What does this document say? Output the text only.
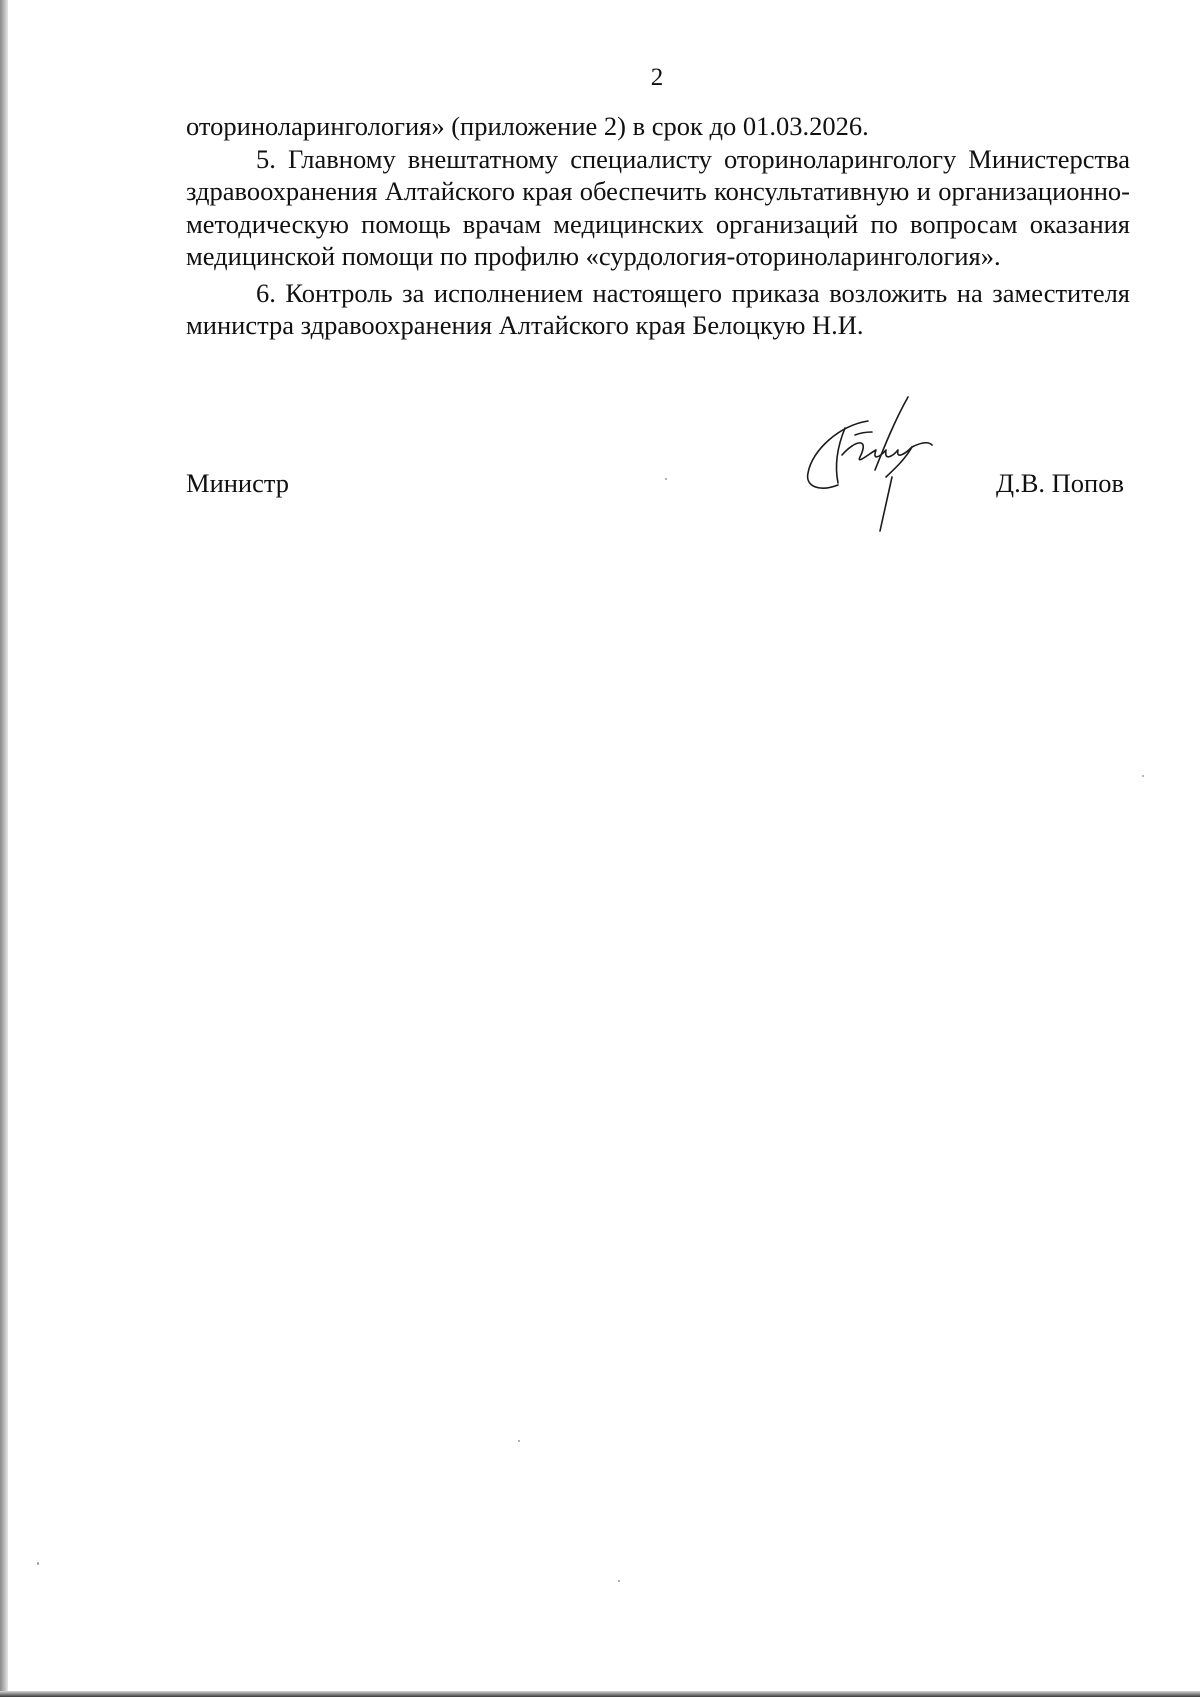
2

оториноларингология» (приложение 2) в срок до 01.03.2026.

5. Главному внештатному специалисту оториноларингологу Министерства здравоохранения Алтайского края обеспечить консультативную и организационно-методическую помощь врачам медицинских организаций по вопросам оказания медицинской помощи по профилю «сурдология-оториноларингология».

6. Контроль за исполнением настоящего приказа возложить на заместителя министра здравоохранения Алтайского края Белоцкую Н.И.

Министр	Д.В. Попов
